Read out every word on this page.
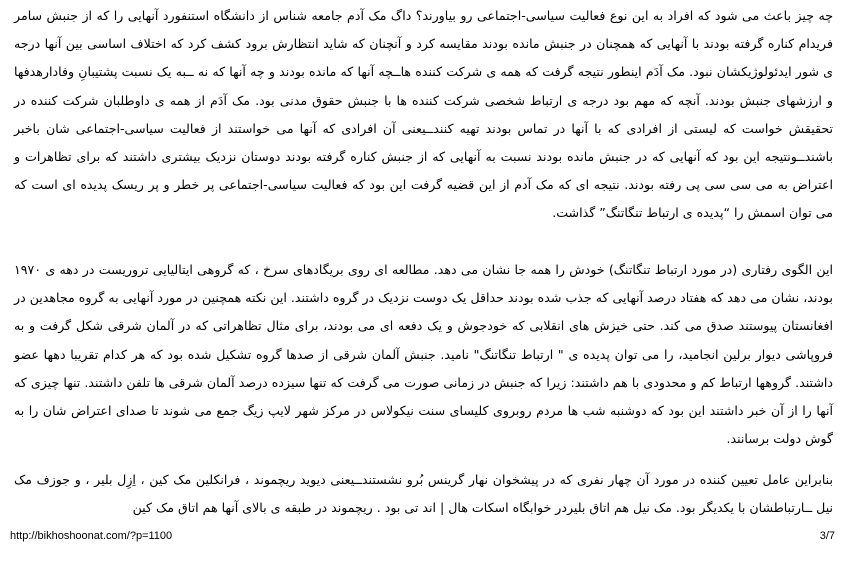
چه چیز باعث می شود که افراد به این نوع فعالیت سیاسی-اجتماعی رو بیاورند؟ داگ مک آدم جامعه شناس از دانشگاه استنفورد آنهایی را که از جنبش سامر فریدام کناره گرفته بودند با آنهایی که همچنان در جنبش مانده بودند مقایسه کرد و آنچنان که شاید انتظارش برود کشف کرد که اختلاف اساسی بین آنها درجه ی شور ایدئولوژیکشان نبود. مک آدَم اینطور نتیجه گرفت که همه ی شرکت کننده هاــچه آنها که مانده بودند و چه آنها که نه ــبه یک نسبت پشتیبانِ وفادارهدفها و ارزشهای جنبش بودند. آنچه که مهم بود درجه ی ارتباط شخصی شرکت کننده ها با جنبش حقوق مدنی بود. مک آدَم از همه ی داوطلبان شرکت کننده در تحقیقش خواست که لیستی از افرادی که با آنها در تماس بودند تهیه کنندــیعنی آن افرادی که آنها می خواستند از فعالیت سیاسی-اجتماعی شان باخبر باشندــونتیجه این بود که آنهایی که در جنبش مانده بودند نسبت به آنهایی که از جنبش کناره گرفته بودند دوستان نزدیک بیشتری داشتند که برای تظاهرات و اعتراض به می سی سی پی رفته بودند. نتیجه ای که مک آدم از این قضیه گرفت این بود که فعالیت سیاسی-اجتماعی پر خطر و پر ریسک پدیده ای است که می توان اسمش را “پدیده ی ارتباط تنگاتنگ” گذاشت.

این الگوی رفتاری (در مورد ارتباط تنگاتنگ) خودش را همه جا نشان می دهد. مطالعه ای روی بریگادهای سرخ ، که گروهی ایتالیایی تروریست در دهه ی ۱۹۷۰ بودند، نشان می دهد که هفتاد درصد آنهایی که جذب شده بودند حداقل یک دوست نزدیک در گروه داشتند. این نکته همچنین در مورد آنهایی به گروه مجاهدین در افغانستان پیوستند صدق می کند. حتی خیزش های انقلابی که خودجوش و یک دفعه ای می بودند، برای مثال تظاهراتی که در آلمان شرقی شکل گرفت و به فروپاشی دیوار برلین انجامید، را می توان پدیده ی " ارتباط تنگاتنگ" نامید. جنبش آلمان شرقی از صدها گروه تشکیل شده بود که هر کدام تقریبا دهها عضو داشتند. گروهها ارتباط کم و محدودی با هم داشتند: زیرا که جنبش در زمانی صورت می گرفت که تنها سیزده درصد آلمان شرقی ها تلفن داشتند. تنها چیزی که آنها را از آن خبر داشتند این بود که دوشنبه شب ها مردم روبروی کلیسای سنت نیکولاس در مرکز شهر لایپ زیگ جمع می شوند تا صدای اعتراض شان را به گوش دولت برسانند.

بنابراین عامل تعیین کننده در مورد آن چهار نفری که در پیشخوان نهار گرینس بُرو نشستندــیعنی دیوید ریچموند ، فرانکلین مک کین ، اِزِل بلیر ، و جوزف مک نیل ــارتباطشان با یکدیگر بود. مک نیل هم اتاق بلیردر خوابگاه اسکات هال | اند تی بود . ریچموند در طبقه ی بالای آنها هم اتاق مک کین

http://bikhoshoonat.com/?p=1100	3/7
